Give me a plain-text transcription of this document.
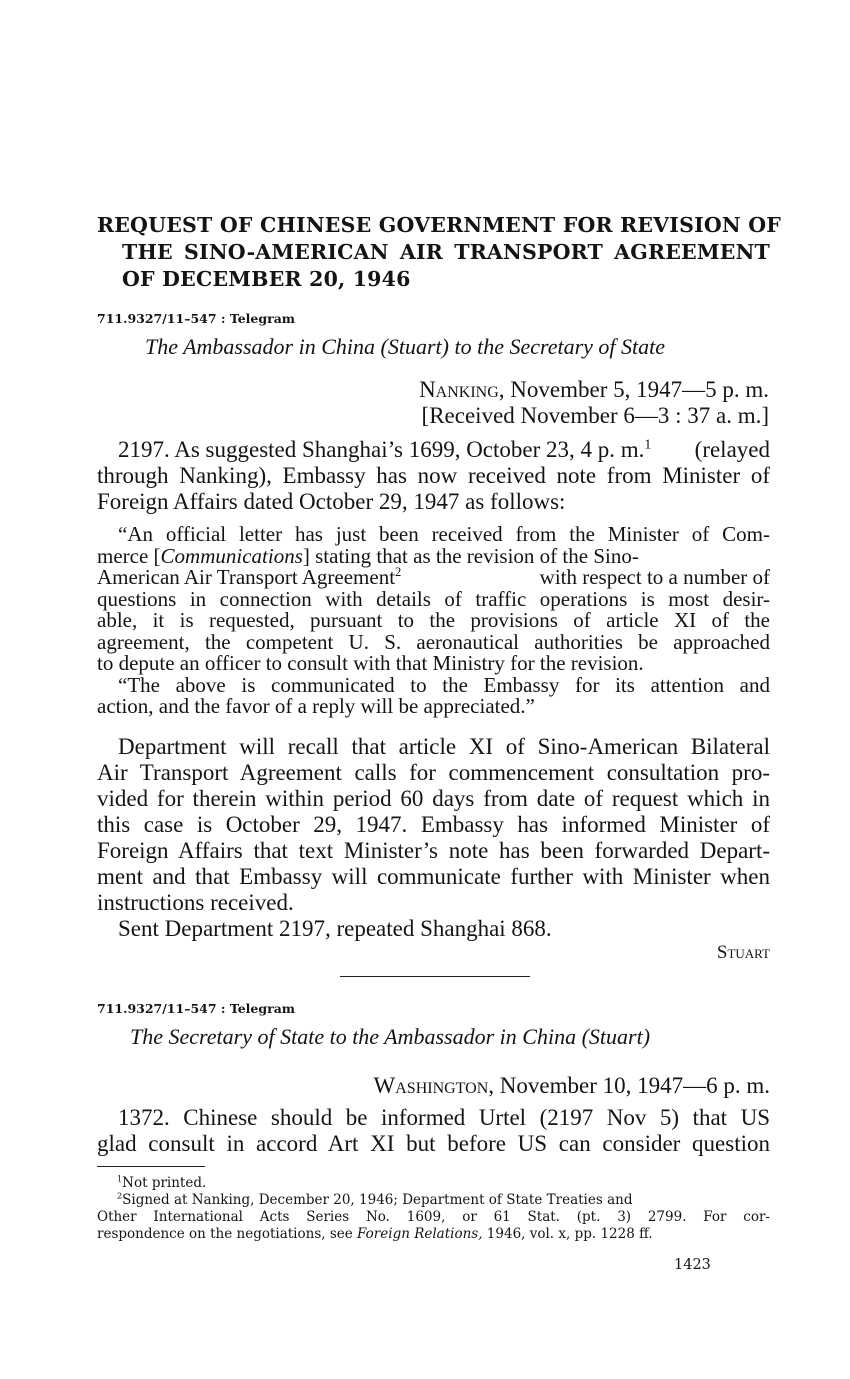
REQUEST OF CHINESE GOVERNMENT FOR REVISION OF
THE SINO-AMERICAN AIR TRANSPORT AGREEMENT
OF DECEMBER 20, 1946
711.9327/11–547 : Telegram
The Ambassador in China (Stuart) to the Secretary of State
Nanking, November 5, 1947—5 p. m.
[Received November 6—3 : 37 a. m.]
2197. As suggested Shanghai’s 1699, October 23, 4 p. m.$^1$ (relayed
through Nanking), Embassy has now received note from Minister of
Foreign Affairs dated October 29, 1947 as follows:
“An official letter has just been received from the Minister of Com-
merce [Communications] stating that as the revision of the Sino-
American Air Transport Agreement$^2$	with respect to a number of
questions in connection with details of traffic operations is most desir-
able, it is requested, pursuant to the provisions of article XI of the
agreement, the competent U. S. aeronautical authorities be approached
to depute an officer to consult with that Ministry for the revision.
“The above is communicated to the Embassy for its attention and
action, and the favor of a reply will be appreciated.”
Department will recall that article XI of Sino-American Bilateral
Air Transport Agreement calls for commencement consultation pro-
vided for therein within period 60 days from date of request which in
this case is October 29, 1947. Embassy has informed Minister of
Foreign Affairs that text Minister’s note has been forwarded Depart-
ment and that Embassy will communicate further with Minister when
instructions received.
Sent Department 2197, repeated Shanghai 868.
Stuart
711.9327/11–547 : Telegram
The Secretary of State to the Ambassador in China (Stuart)
Washington, November 10, 1947—6 p. m.
1372. Chinese should be informed Urtel (2197 Nov 5) that US
glad consult in accord Art XI but before US can consider question
$^1$Not printed.
$^2$Signed at Nanking, December 20, 1946; Department of State Treaties and
Other International Acts Series No. 1609, or 61 Stat. (pt. 3) 2799. For cor-
respondence on the negotiations, see Foreign Relations, 1946, vol. x, pp. 1228 ff.
1423
